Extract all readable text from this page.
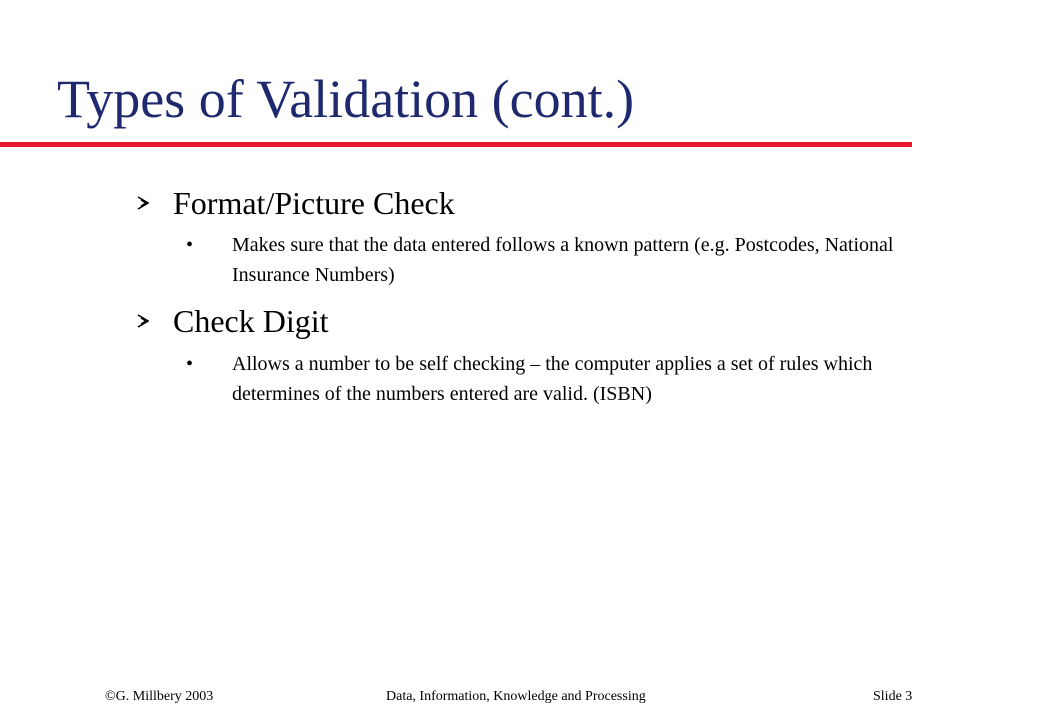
Types of Validation (cont.)

Format/Picture Check

• Makes sure that the data entered follows a known pattern (e.g. Postcodes, National Insurance Numbers)

Check Digit

• Allows a number to be self checking – the computer applies a set of rules which determines of the numbers entered are valid. (ISBN)

©G. Millbery 2003	Data, Information, Knowledge and Processing	Slide 3
